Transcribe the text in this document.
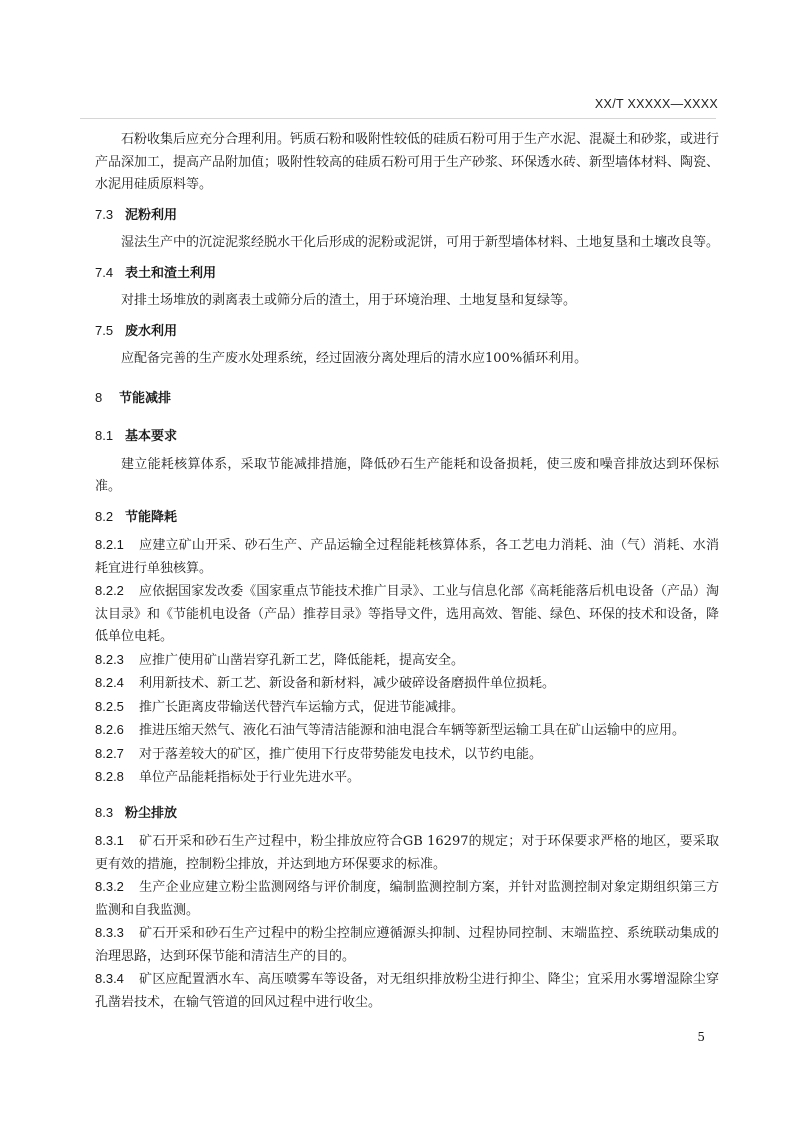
XX/T XXXXX—XXXX

石粉收集后应充分合理利用。钙质石粉和吸附性较低的硅质石粉可用于生产水泥、混凝土和砂浆，或进行产品深加工，提高产品附加值；吸附性较高的硅质石粉可用于生产砂浆、环保透水砖、新型墙体材料、陶瓷、水泥用硅质原料等。

7.3 泥粉利用

湿法生产中的沉淀泥浆经脱水干化后形成的泥粉或泥饼，可用于新型墙体材料、土地复垦和土壤改良等。

7.4 表土和渣土利用

对排土场堆放的剥离表土或筛分后的渣土，用于环境治理、土地复垦和复绿等。

7.5 废水利用

应配备完善的生产废水处理系统，经过固液分离处理后的清水应100%循环利用。

8 节能减排

8.1 基本要求

建立能耗核算体系，采取节能减排措施，降低砂石生产能耗和设备损耗，使三废和噪音排放达到环保标准。

8.2 节能降耗

8.2.1 应建立矿山开采、砂石生产、产品运输全过程能耗核算体系，各工艺电力消耗、油（气）消耗、水消耗宜进行单独核算。

8.2.2 应依据国家发改委《国家重点节能技术推广目录》、工业与信息化部《高耗能落后机电设备（产品）淘汰目录》和《节能机电设备（产品）推荐目录》等指导文件，选用高效、智能、绿色、环保的技术和设备，降低单位电耗。

8.2.3 应推广使用矿山凿岩穿孔新工艺，降低能耗，提高安全。

8.2.4 利用新技术、新工艺、新设备和新材料，减少破碎设备磨损件单位损耗。

8.2.5 推广长距离皮带输送代替汽车运输方式，促进节能减排。

8.2.6 推进压缩天然气、液化石油气等清洁能源和油电混合车辆等新型运输工具在矿山运输中的应用。

8.2.7 对于落差较大的矿区，推广使用下行皮带势能发电技术，以节约电能。

8.2.8 单位产品能耗指标处于行业先进水平。

8.3 粉尘排放

8.3.1 矿石开采和砂石生产过程中，粉尘排放应符合GB 16297的规定；对于环保要求严格的地区，要采取更有效的措施，控制粉尘排放，并达到地方环保要求的标准。

8.3.2 生产企业应建立粉尘监测网络与评价制度，编制监测控制方案，并针对监测控制对象定期组织第三方监测和自我监测。

8.3.3 矿石开采和砂石生产过程中的粉尘控制应遵循源头抑制、过程协同控制、末端监控、系统联动集成的治理思路，达到环保节能和清洁生产的目的。

8.3.4 矿区应配置洒水车、高压喷雾车等设备，对无组织排放粉尘进行抑尘、降尘；宜采用水雾增湿除尘穿孔凿岩技术，在输气管道的回风过程中进行收尘。

5
